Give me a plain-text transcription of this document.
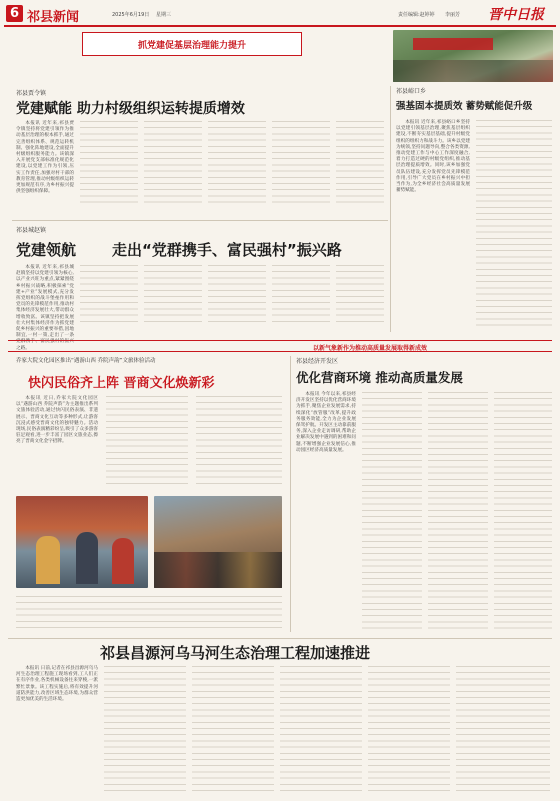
6 祁县新闻	2025年6月19日 星期三	责任编辑:赵婷婷 李丽芳 晋中日报
抓党建促基层治理能力提升
祁县贾令镇
党建赋能 助力村级组织运转提质增效

本报讯 近年来,祁县贾令镇坚持将党建引领作为推动基层治理的根本抓手,通过完善组织体系、规范运转机制、强化阵地建设,全面提升村级组织服务能力。该镇深入开展党支部标准化规范化建设,以党建工作为引领,压实工作责任,加强对村干部的教育管理,推动村级组织运转更加规范有序,为乡村振兴提供坚强组织保障。

祁县城赵镇
党建领航 走出“党群携手、富民强村”振兴路

本报讯 近年来,祁县城赵镇坚持以党建引领为核心,以产业兴旺为重点,紧紧围绕乡村振兴战略,积极探索“党建+产业”发展模式,充分发挥党组织的战斗堡垒作用和党员的先锋模范作用,推动村集体经济发展壮大,带动群众增收致富。该镇坚持把发展壮大村集体经济作为抓党建促乡村振兴的重要举措,因地制宜,一村一策,走出了一条党群携手、富民强村的振兴之路。

祁县峪口乡
强基固本提质效 蓄势赋能促升级

本报讯 近年来,祁县峪口乡坚持以党建引领基层治理,聚焦基层组织建设,不断夯实基层基础,提升村级党组织的组织力和战斗力。该乡以党建为统领,坚持问题导向,整合各类资源,推动党建工作与中心工作深度融合,着力打造过硬的村级党组织,推动基层治理提质增效。同时,该乡加强党员队伍建设,充分发挥党员先锋模范作用,引导广大党员在乡村振兴中担当作为,为全乡经济社会高质量发展蓄势赋能。

以新气象新作为推动高质量发展取得新成效
乔家大院文化园区推出“遇游山西 乔院声韵”文旅体验活动
快闪民俗齐上阵 晋商文化焕新彩

本报讯 近日,乔家大院文化园区以“遇游山西 乔院声韵”为主题推出系列文旅体验活动,通过快闪民俗表演、非遗展示、晋商文化互动等多种形式,让游客沉浸式感受晋商文化的独特魅力。活动现场,民俗表演精彩纷呈,吸引了众多游客驻足观看,进一步丰富了园区文旅业态,擦亮了晋商文化金字招牌。

祁县经济开发区
优化营商环境 推动高质量发展

本报讯 今年以来,祁县经济开发区坚持以优化营商环境为抓手,聚焦企业发展需求,持续深化“放管服”改革,提升政务服务效能,全力为企业发展保驾护航。开发区主动靠前服务,深入企业走访调研,帮助企业解决发展中遇到的困难和问题,不断增强企业发展信心,推动园区经济高质量发展。

祁县昌源河乌马河生态治理工程加速推进

本报讯 日前,记者在祁县昌源河乌马河生态治理工程施工现场看到,工人们正在有序作业,各类机械设备往来穿梭,一派繁忙景象。该工程实施后,将有效提升河道防洪能力,改善区域生态环境,为群众营造更加优美的生活环境。
